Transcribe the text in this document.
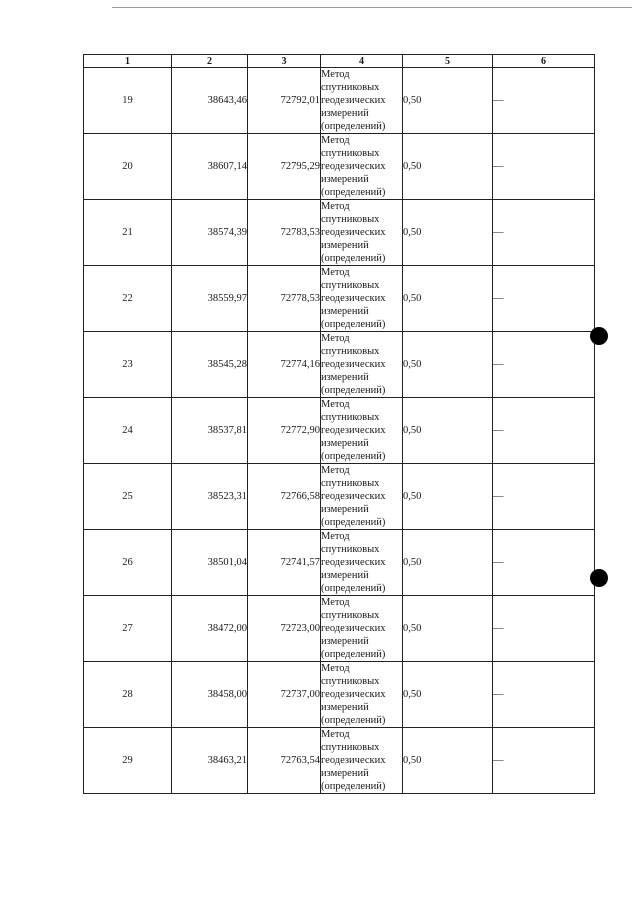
1	2	3	4	5	6
19	38643,46	72792,01	Метод
спутниковых
геодезических
измерений
(определений)	0,50	—
20	38607,14	72795,29	Метод
спутниковых
геодезических
измерений
(определений)	0,50	—
21	38574,39	72783,53	Метод
спутниковых
геодезических
измерений
(определений)	0,50	—
22	38559,97	72778,53	Метод
спутниковых
геодезических
измерений
(определений)	0,50	—
23	38545,28	72774,16	Метод
спутниковых
геодезических
измерений
(определений)	0,50	—
24	38537,81	72772,90	Метод
спутниковых
геодезических
измерений
(определений)	0,50	—
25	38523,31	72766,58	Метод
спутниковых
геодезических
измерений
(определений)	0,50	—
26	38501,04	72741,57	Метод
спутниковых
геодезических
измерений
(определений)	0,50	—
27	38472,00	72723,00	Метод
спутниковых
геодезических
измерений
(определений)	0,50	—
28	38458,00	72737,00	Метод
спутниковых
геодезических
измерений
(определений)	0,50	—
29	38463,21	72763,54	Метод
спутниковых
геодезических
измерений
(определений)	0,50	—
